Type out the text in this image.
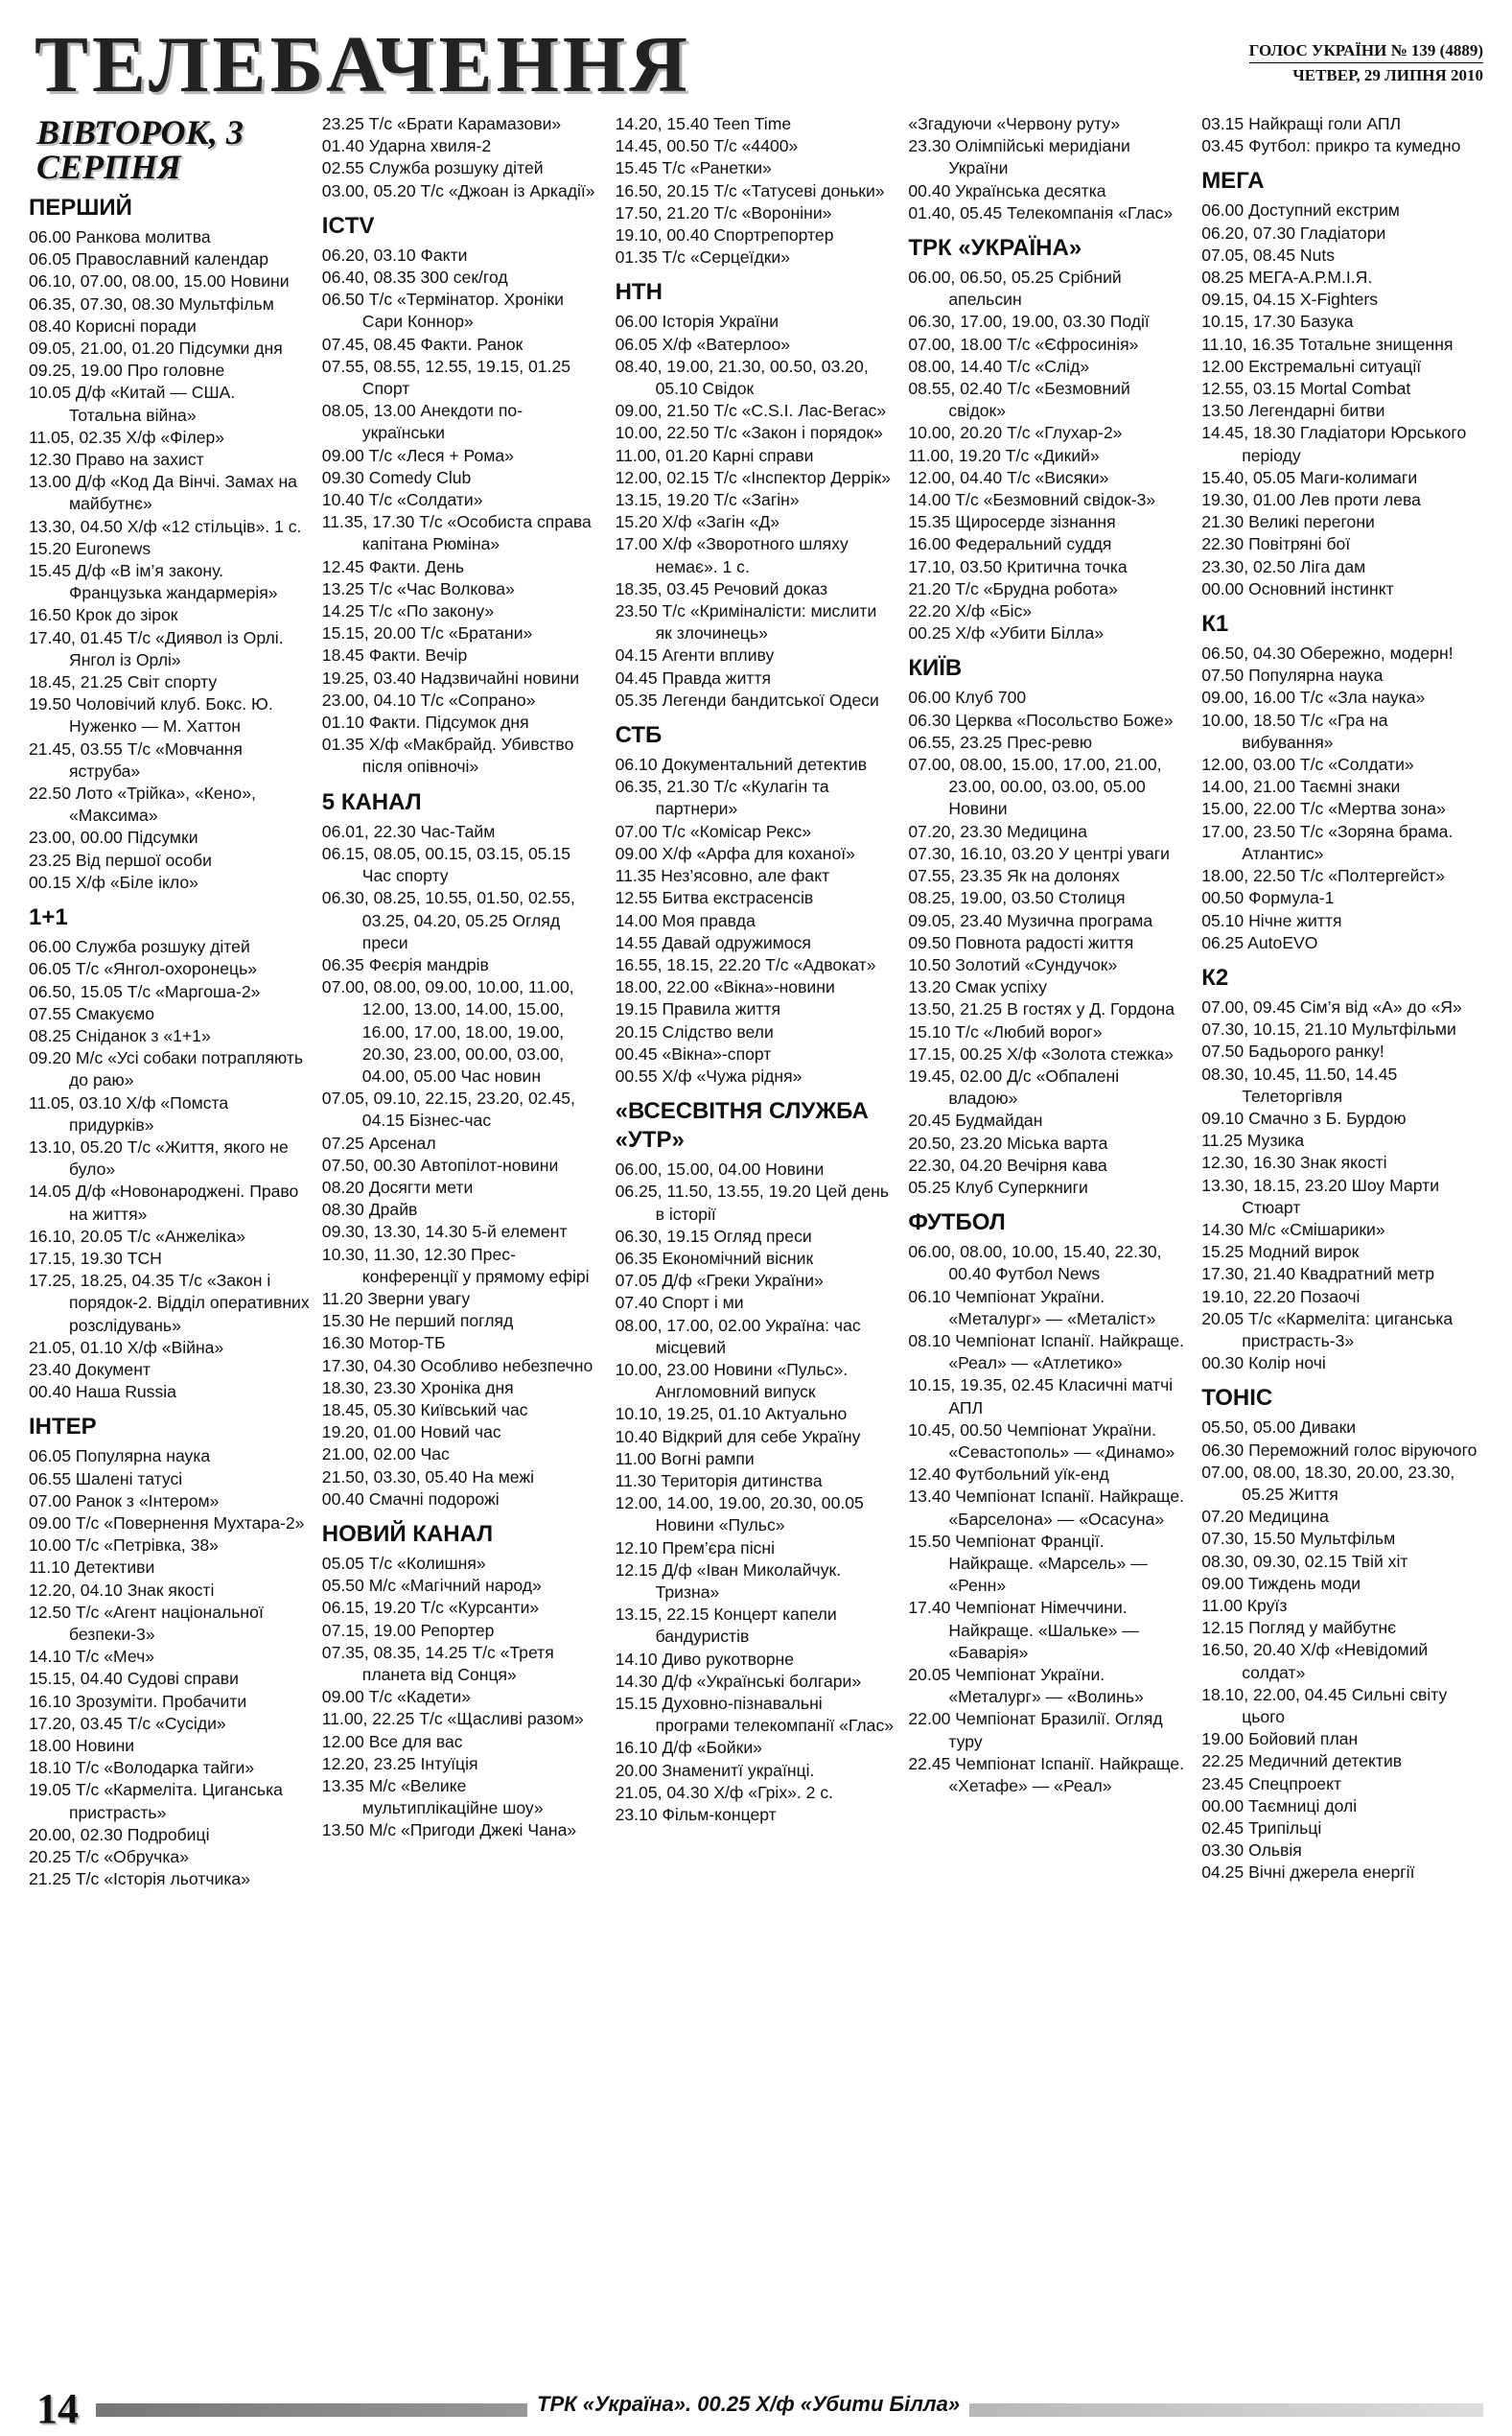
ТЕЛЕБАЧЕННЯ	ГОЛОС УКРАЇНИ № 139 (4889)
ЧЕТВЕР, 29 ЛИПНЯ 2010
ВІВТОРОК, 3 СЕРПНЯ
ПЕРШИЙ
06.00 Ранкова молитва
06.05 Православний календар
06.10, 07.00, 08.00, 15.00 Новини
06.35, 07.30, 08.30 Мультфільм
08.40 Корисні поради
09.05, 21.00, 01.20 Підсумки дня
09.25, 19.00 Про головне
10.05 Д/ф «Китай — США. Тотальна війна»
11.05, 02.35 Х/ф «Філер»
12.30 Право на захист
13.00 Д/ф «Код Да Вінчі. Замах на майбутнє»
13.30, 04.50 Х/ф «12 стільців». 1 с.
15.20 Euronews
15.45 Д/ф «В ім’я закону. Французька жандармерія»
16.50 Крок до зірок
17.40, 01.45 Т/с «Диявол із Орлі. Янгол із Орлі»
18.45, 21.25 Світ спорту
19.50 Чоловічий клуб. Бокс. Ю. Нуженко — М. Хаттон
21.45, 03.55 Т/с «Мовчання яструба»
22.50 Лото «Трійка», «Кено», «Максима»
23.00, 00.00 Підсумки
23.25 Від першої особи
00.15 Х/ф «Біле ікло»
1+1
06.00 Служба розшуку дітей
06.05 Т/с «Янгол-охоронець»
06.50, 15.05 Т/с «Маргоша-2»
07.55 Смакуємо
08.25 Сніданок з «1+1»
09.20 М/с «Усі собаки потрапляють до раю»
11.05, 03.10 Х/ф «Помста придурків»
13.10, 05.20 Т/с «Життя, якого не було»
14.05 Д/ф «Новонароджені. Право на життя»
16.10, 20.05 Т/с «Анжеліка»
17.15, 19.30 ТСН
17.25, 18.25, 04.35 Т/с «Закон і порядок-2. Відділ оперативних розслідувань»
21.05, 01.10 Х/ф «Війна»
23.40 Документ
00.40 Наша Russia
ІНТЕР
06.05 Популярна наука
06.55 Шалені татусі
07.00 Ранок з «Інтером»
09.00 Т/с «Повернення Мухтара-2»
10.00 Т/с «Петрівка, 38»
11.10 Детективи
12.20, 04.10 Знак якості
12.50 Т/с «Агент національної безпеки-3»
14.10 Т/с «Меч»
15.15, 04.40 Судові справи
16.10 Зрозуміти. Пробачити
17.20, 03.45 Т/с «Сусіди»
18.00 Новини
18.10 Т/с «Володарка тайги»
19.05 Т/с «Кармеліта. Циганська пристрасть»
20.00, 02.30 Подробиці
20.25 Т/с «Обручка»
21.25 Т/с «Історія льотчика»
23.25 Т/с «Брати Карамазови»
01.40 Ударна хвиля-2
02.55 Служба розшуку дітей
03.00, 05.20 Т/с «Джоан із Аркадії»
ICTV
06.20, 03.10 Факти
06.40, 08.35 300 сек/год
06.50 Т/с «Термінатор. Хроніки Сари Коннор»
07.45, 08.45 Факти. Ранок
07.55, 08.55, 12.55, 19.15, 01.25 Спорт
08.05, 13.00 Анекдоти по-українськи
09.00 Т/с «Леся + Рома»
09.30 Comedy Club
10.40 Т/с «Солдати»
11.35, 17.30 Т/с «Особиста справа капітана Рюміна»
12.45 Факти. День
13.25 Т/с «Час Волкова»
14.25 Т/с «По закону»
15.15, 20.00 Т/с «Братани»
18.45 Факти. Вечір
19.25, 03.40 Надзвичайні новини
23.00, 04.10 Т/с «Сопрано»
01.10 Факти. Підсумок дня
01.35 Х/ф «Макбрайд. Убивство після опівночі»
5 КАНАЛ
06.01, 22.30 Час-Тайм
06.15, 08.05, 00.15, 03.15, 05.15 Час спорту
06.30, 08.25, 10.55, 01.50, 02.55, 03.25, 04.20, 05.25 Огляд преси
06.35 Феєрія мандрів
07.00, 08.00, 09.00, 10.00, 11.00, 12.00, 13.00, 14.00, 15.00, 16.00, 17.00, 18.00, 19.00, 20.30, 23.00, 00.00, 03.00, 04.00, 05.00 Час новин
07.05, 09.10, 22.15, 23.20, 02.45, 04.15 Бізнес-час
07.25 Арсенал
07.50, 00.30 Автопілот-новини
08.20 Досягти мети
08.30 Драйв
09.30, 13.30, 14.30 5-й елемент
10.30, 11.30, 12.30 Прес-конференції у прямому ефірі
11.20 Зверни увагу
15.30 Не перший погляд
16.30 Мотор-ТБ
17.30, 04.30 Особливо небезпечно
18.30, 23.30 Хроніка дня
18.45, 05.30 Київський час
19.20, 01.00 Новий час
21.00, 02.00 Час
21.50, 03.30, 05.40 На межі
00.40 Смачні подорожі
НОВИЙ КАНАЛ
05.05 Т/с «Колишня»
05.50 М/с «Магічний народ»
06.15, 19.20 Т/с «Курсанти»
07.15, 19.00 Репортер
07.35, 08.35, 14.25 Т/с «Третя планета від Сонця»
09.00 Т/с «Кадети»
11.00, 22.25 Т/с «Щасливі разом»
12.00 Все для вас
12.20, 23.25 Інтуїція
13.35 М/с «Велике мультиплікаційне шоу»
13.50 М/с «Пригоди Джекі Чана»
14.20, 15.40 Teen Time
14.45, 00.50 Т/с «4400»
15.45 Т/с «Ранетки»
16.50, 20.15 Т/с «Татусеві доньки»
17.50, 21.20 Т/с «Вороніни»
19.10, 00.40 Спортрепортер
01.35 Т/с «Серцеїдки»
НТН
06.00 Історія України
06.05 Х/ф «Ватерлоо»
08.40, 19.00, 21.30, 00.50, 03.20, 05.10 Свідок
09.00, 21.50 Т/с «C.S.I. Лас-Вегас»
10.00, 22.50 Т/с «Закон і порядок»
11.00, 01.20 Карні справи
12.00, 02.15 Т/с «Інспектор Деррік»
13.15, 19.20 Т/с «Загін»
15.20 Х/ф «Загін «Д»
17.00 Х/ф «Зворотного шляху немає». 1 с.
18.35, 03.45 Речовий доказ
23.50 Т/с «Криміналісти: мислити як злочинець»
04.15 Агенти впливу
04.45 Правда життя
05.35 Легенди бандитської Одеси
СТБ
06.10 Документальний детектив
06.35, 21.30 Т/с «Кулагін та партнери»
07.00 Т/с «Комісар Рекс»
09.00 Х/ф «Арфа для коханої»
11.35 Нез’ясовно, але факт
12.55 Битва екстрасенсів
14.00 Моя правда
14.55 Давай одружимося
16.55, 18.15, 22.20 Т/с «Адвокат»
18.00, 22.00 «Вікна»-новини
19.15 Правила життя
20.15 Слідство вели
00.45 «Вікна»-спорт
00.55 Х/ф «Чужа рідня»
«ВСЕСВІТНЯ СЛУЖБА «УТР»
06.00, 15.00, 04.00 Новини
06.25, 11.50, 13.55, 19.20 Цей день в історії
06.30, 19.15 Огляд преси
06.35 Економічний вісник
07.05 Д/ф «Греки України»
07.40 Спорт і ми
08.00, 17.00, 02.00 Україна: час місцевий
10.00, 23.00 Новини «Пульс». Англомовний випуск
10.10, 19.25, 01.10 Актуально
10.40 Відкрий для себе Україну
11.00 Вогні рампи
11.30 Територія дитинства
12.00, 14.00, 19.00, 20.30, 00.05 Новини «Пульс»
12.10 Прем’єра пісні
12.15 Д/ф «Іван Миколайчук. Тризна»
13.15, 22.15 Концерт капели бандуристів
14.10 Диво рукотворне
14.30 Д/ф «Українські болгари»
15.15 Духовно-пізнавальні програми телекомпанії «Глас»
16.10 Д/ф «Бойки»
20.00 Знаменитї українці.
21.05, 04.30 Х/ф «Гріх». 2 с.
23.10 Фільм-концерт
«Згадуючи «Червону руту»
23.30 Олімпійські меридіани України
00.40 Українська десятка
01.40, 05.45 Телекомпанія «Глас»
ТРК «УКРАЇНА»
06.00, 06.50, 05.25 Срібний апельсин
06.30, 17.00, 19.00, 03.30 Події
07.00, 18.00 Т/с «Єфросинія»
08.00, 14.40 Т/с «Слід»
08.55, 02.40 Т/с «Безмовний свідок»
10.00, 20.20 Т/с «Глухар-2»
11.00, 19.20 Т/с «Дикий»
12.00, 04.40 Т/с «Висяки»
14.00 Т/с «Безмовний свідок-3»
15.35 Щиросерде зізнання
16.00 Федеральний суддя
17.10, 03.50 Критична точка
21.20 Т/с «Брудна робота»
22.20 Х/ф «Біс»
00.25 Х/ф «Убити Білла»
КИЇВ
06.00 Клуб 700
06.30 Церква «Посольство Боже»
06.55, 23.25 Прес-ревю
07.00, 08.00, 15.00, 17.00, 21.00, 23.00, 00.00, 03.00, 05.00 Новини
07.20, 23.30 Медицина
07.30, 16.10, 03.20 У центрі уваги
07.55, 23.35 Як на долонях
08.25, 19.00, 03.50 Столиця
09.05, 23.40 Музична програма
09.50 Повнота радості життя
10.50 Золотий «Сундучок»
13.20 Смак успіху
13.50, 21.25 В гостях у Д. Гордона
15.10 Т/с «Любий ворог»
17.15, 00.25 Х/ф «Золота стежка»
19.45, 02.00 Д/с «Обпалені владою»
20.45 Будмайдан
20.50, 23.20 Міська варта
22.30, 04.20 Вечірня кава
05.25 Клуб Суперкниги
ФУТБОЛ
06.00, 08.00, 10.00, 15.40, 22.30, 00.40 Футбол News
06.10 Чемпіонат України. «Металург» — «Металіст»
08.10 Чемпіонат Іспанії. Найкраще. «Реал» — «Атлетико»
10.15, 19.35, 02.45 Класичні матчі АПЛ
10.45, 00.50 Чемпіонат України. «Севастополь» — «Динамо»
12.40 Футбольний уїк-енд
13.40 Чемпіонат Іспанії. Найкраще. «Барселона» — «Осасуна»
15.50 Чемпіонат Франції. Найкраще. «Марсель» — «Ренн»
17.40 Чемпіонат Німеччини. Найкраще. «Шальке» — «Баварія»
20.05 Чемпіонат України. «Металург» — «Волинь»
22.00 Чемпіонат Бразилії. Огляд туру
22.45 Чемпіонат Іспанії. Найкраще. «Хетафе» — «Реал»
03.15 Найкращі голи АПЛ
03.45 Футбол: прикро та кумедно
МЕГА
06.00 Доступний екстрим
06.20, 07.30 Гладіатори
07.05, 08.45 Nuts
08.25 МЕГА-А.Р.М.І.Я.
09.15, 04.15 X-Fighters
10.15, 17.30 Базука
11.10, 16.35 Тотальне знищення
12.00 Екстремальні ситуації
12.55, 03.15 Mortal Combat
13.50 Легендарні битви
14.45, 18.30 Гладіатори Юрського періоду
15.40, 05.05 Маги-колимаги
19.30, 01.00 Лев проти лева
21.30 Великі перегони
22.30 Повітряні бої
23.30, 02.50 Ліга дам
00.00 Основний інстинкт
К1
06.50, 04.30 Обережно, модерн!
07.50 Популярна наука
09.00, 16.00 Т/с «Зла наука»
10.00, 18.50 Т/с «Гра на вибування»
12.00, 03.00 Т/с «Солдати»
14.00, 21.00 Таємні знаки
15.00, 22.00 Т/с «Мертва зона»
17.00, 23.50 Т/с «Зоряна брама. Атлантис»
18.00, 22.50 Т/с «Полтергейст»
00.50 Формула-1
05.10 Нічне життя
06.25 AutoEVO
К2
07.00, 09.45 Сім’я від «А» до «Я»
07.30, 10.15, 21.10 Мультфільми
07.50 Бадьорого ранку!
08.30, 10.45, 11.50, 14.45 Телеторгівля
09.10 Смачно з Б. Бурдою
11.25 Музика
12.30, 16.30 Знак якості
13.30, 18.15, 23.20 Шоу Марти Стюарт
14.30 М/с «Смішарики»
15.25 Модний вирок
17.30, 21.40 Квадратний метр
19.10, 22.20 Позаочі
20.05 Т/с «Кармеліта: циганська пристрасть-3»
00.30 Колір ночі
ТОНІС
05.50, 05.00 Диваки
06.30 Переможний голос віруючого
07.00, 08.00, 18.30, 20.00, 23.30, 05.25 Життя
07.20 Медицина
07.30, 15.50 Мультфільм
08.30, 09.30, 02.15 Твій хіт
09.00 Тиждень моди
11.00 Круїз
12.15 Погляд у майбутнє
16.50, 20.40 Х/ф «Невідомий солдат»
18.10, 22.00, 04.45 Сильні світу цього
19.00 Бойовий план
22.25 Медичний детектив
23.45 Спецпроект
00.00 Таємниці долі
02.45 Трипільці
03.30 Ольвія
04.25 Вічні джерела енергії
14	ТРК «Україна». 00.25 Х/ф «Убити Білла»
